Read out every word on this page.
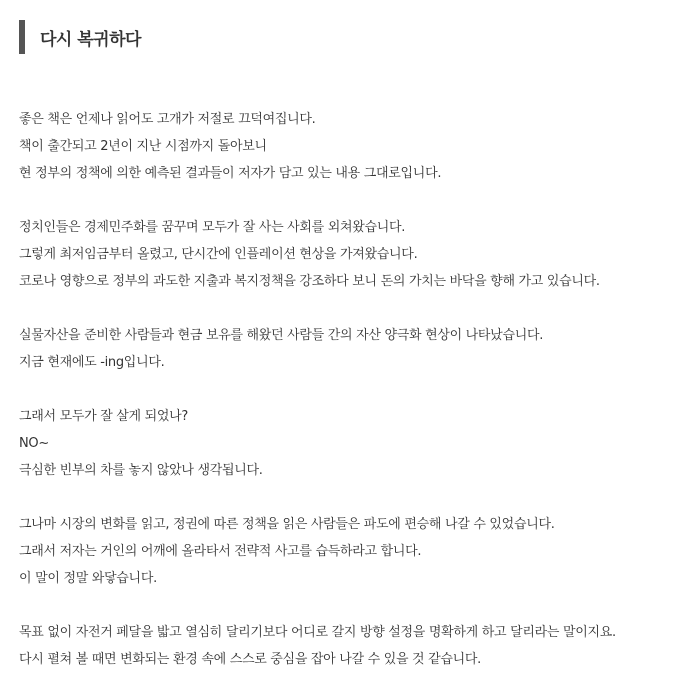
다시 복귀하다
좋은 책은 언제나 읽어도 고개가 저절로 끄덕여집니다.
책이 출간되고 2년이 지난 시점까지 돌아보니
현 정부의 정책에 의한 예측된 결과들이 저자가 담고 있는 내용 그대로입니다.
정치인들은 경제민주화를 꿈꾸며 모두가 잘 사는 사회를 외쳐왔습니다.
그렇게 최저임금부터 올렸고, 단시간에 인플레이션 현상을 가져왔습니다.
코로나 영향으로 정부의 과도한 지출과 복지정책을 강조하다 보니 돈의 가치는 바닥을 향해 가고 있습니다.
실물자산을 준비한 사람들과 현금 보유를 해왔던 사람들 간의 자산 양극화 현상이 나타났습니다.
지금 현재에도 -ing입니다.
그래서 모두가 잘 살게 되었나?
NO~
극심한 빈부의 차를 놓지 않았나 생각됩니다.
그나마 시장의 변화를 읽고, 정권에 따른 정책을 읽은 사람들은 파도에 편승해 나갈 수 있었습니다.
그래서 저자는 거인의 어깨에 올라타서 전략적 사고를 습득하라고 합니다.
이 말이 정말 와닿습니다.
목표 없이 자전거 페달을 밟고 열심히 달리기보다 어디로 갈지 방향 설정을 명확하게 하고 달리라는 말이지요.
다시 펼쳐 볼 때면 변화되는 환경 속에 스스로 중심을 잡아 나갈 수 있을 것 같습니다.
